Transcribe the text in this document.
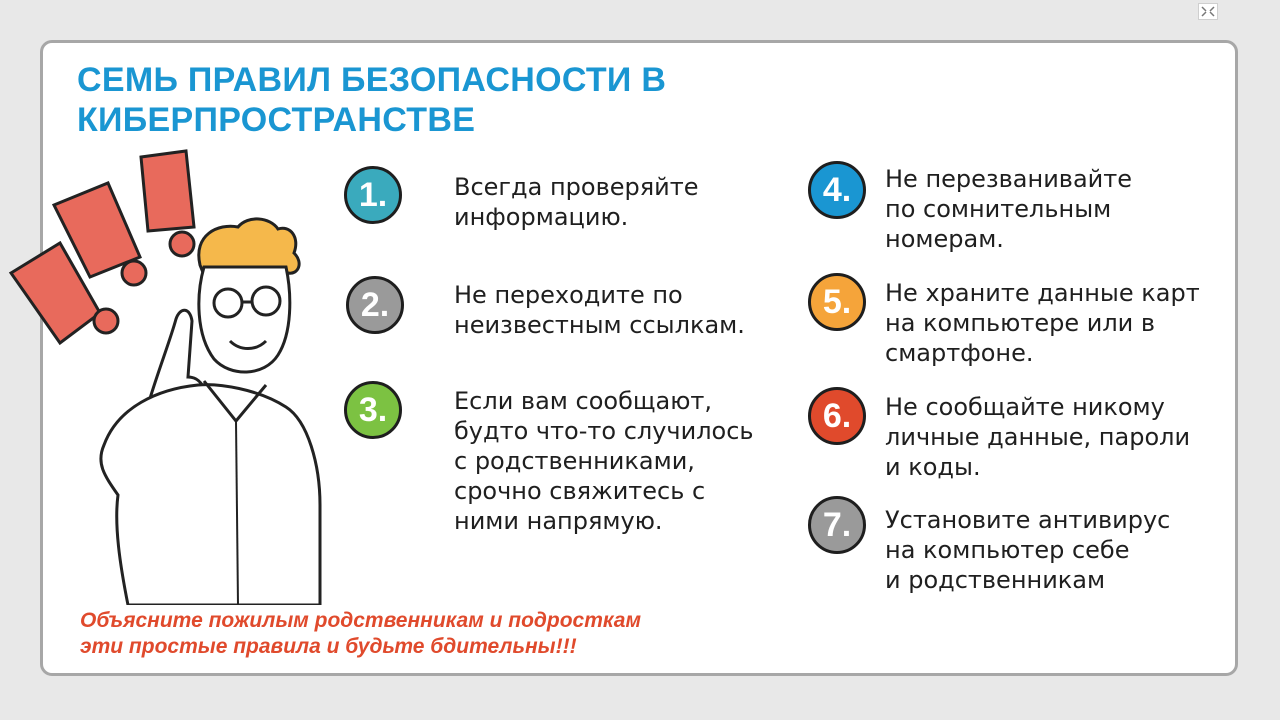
СЕМЬ ПРАВИЛ БЕЗОПАСНОСТИ В
КИБЕРПРОСТРАНСТВЕ
1.
2.
3.
4.
5.
6.
7.
Всегда проверяйте
информацию.
Не переходите по
неизвестным ссылкам.
Если вам сообщают,
будто что-то случилось
с родственниками,
срочно свяжитесь с
ними напрямую.
Не перезванивайте
по сомнительным
номерам.
Не храните данные карт
на компьютере или в
смартфоне.
Не сообщайте никому
личные данные, пароли
и коды.
Установите антивирус
на компьютер себе
и родственникам
Объясните пожилым родственникам и подросткам
эти простые правила и будьте бдительны!!!
